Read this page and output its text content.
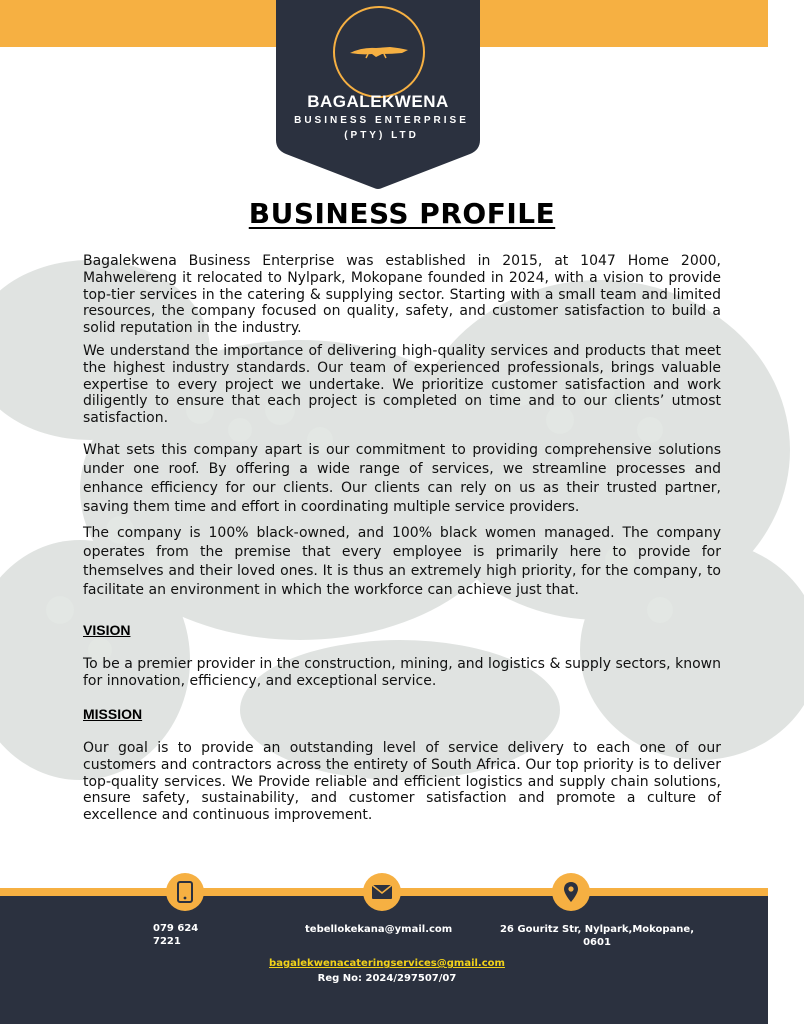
BAGALEKWENA
BUSINESS ENTERPRISE (PTY) LTD
BUSINESS PROFILE

Bagalekwena Business Enterprise was established in 2015, at 1047 Home 2000, Mahwelereng it relocated to Nylpark, Mokopane founded in 2024, with a vision to provide top-tier services in the catering & supplying sector. Starting with a small team and limited resources, the company focused on quality, safety, and customer satisfaction to build a solid reputation in the industry.

We understand the importance of delivering high-quality services and products that meet the highest industry standards. Our team of experienced professionals, brings valuable expertise to every project we undertake. We prioritize customer satisfaction and work diligently to ensure that each project is completed on time and to our clients’ utmost satisfaction.

What sets this company apart is our commitment to providing comprehensive solutions under one roof. By offering a wide range of services, we streamline processes and enhance efficiency for our clients. Our clients can rely on us as their trusted partner, saving them time and effort in coordinating multiple service providers.

The company is 100% black-owned, and 100% black women managed. The company operates from the premise that every employee is primarily here to provide for themselves and their loved ones. It is thus an extremely high priority, for the company, to facilitate an environment in which the workforce can achieve just that.

VISION

To be a premier provider in the construction, mining, and logistics & supply sectors, known for innovation, efficiency, and exceptional service.

MISSION

Our goal is to provide an outstanding level of service delivery to each one of our customers and contractors across the entirety of South Africa. Our top priority is to deliver top-quality services. We Provide reliable and efficient logistics and supply chain solutions, ensure safety, sustainability, and customer satisfaction and promote a culture of excellence and continuous improvement.

079 624 7221
tebellokekana@ymail.com	26 Gouritz Str, Nylpark,Mokopane, 0601
bagalekwenacateringservices@gmail.com
Reg No: 2024/297507/07
